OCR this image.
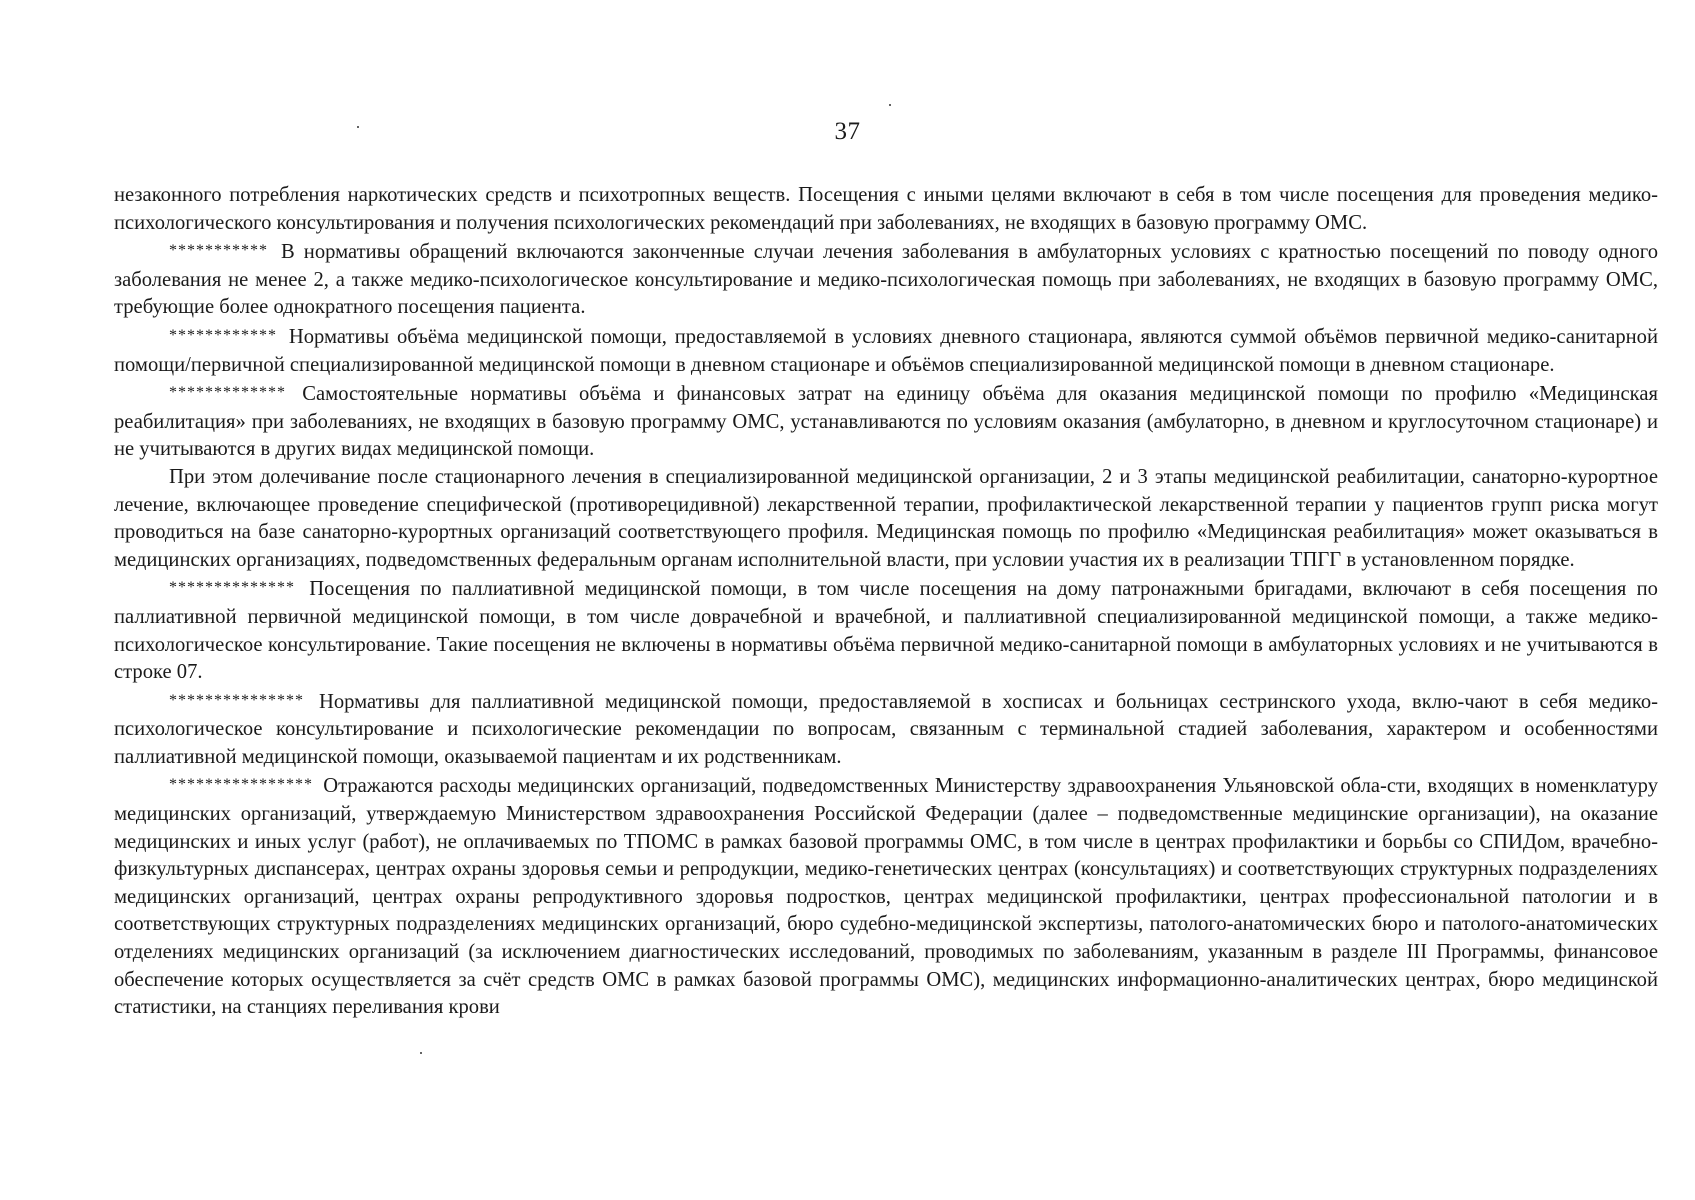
37

незаконного потребления наркотических средств и психотропных веществ. Посещения с иными целями включают в себя в том числе посещения для проведения медико-психологического консультирования и получения психологических рекомендаций при заболеваниях, не входящих в базовую программу ОМС.

*********** В нормативы обращений включаются законченные случаи лечения заболевания в амбулаторных условиях с кратностью посещений по поводу одного заболевания не менее 2, а также медико-психологическое консультирование и медико-психологическая помощь при заболеваниях, не входящих в базовую программу ОМС, требующие более однократного посещения пациента.

************ Нормативы объёма медицинской помощи, предоставляемой в условиях дневного стационара, являются суммой объёмов первичной медико-санитарной помощи/первичной специализированной медицинской помощи в дневном стационаре и объёмов специализированной медицинской помощи в дневном стационаре.

************* Самостоятельные нормативы объёма и финансовых затрат на единицу объёма для оказания медицинской помощи по профилю «Медицинская реабилитация» при заболеваниях, не входящих в базовую программу ОМС, устанавливаются по условиям оказания (амбулаторно, в дневном и круглосуточном стационаре) и не учитываются в других видах медицинской помощи.

При этом долечивание после стационарного лечения в специализированной медицинской организации, 2 и 3 этапы медицинской реабилитации, санаторно-курортное лечение, включающее проведение специфической (противорецидивной) лекарственной терапии, профилактической лекарственной терапии у пациентов групп риска могут проводиться на базе санаторно-курортных организаций соответствующего профиля. Медицинская помощь по профилю «Медицинская реабилитация» может оказываться в медицинских организациях, подведомственных федеральным органам исполнительной власти, при условии участия их в реализации ТПГГ в установленном порядке.

************** Посещения по паллиативной медицинской помощи, в том числе посещения на дому патронажными бригадами, включают в себя посещения по паллиативной первичной медицинской помощи, в том числе доврачебной и врачебной, и паллиативной специализированной медицинской помощи, а также медико-психологическое консультирование. Такие посещения не включены в нормативы объёма первичной медико-санитарной помощи в амбулаторных условиях и не учитываются в строке 07.

*************** Нормативы для паллиативной медицинской помощи, предоставляемой в хосписах и больницах сестринского ухода, вклю-чают в себя медико-психологическое консультирование и психологические рекомендации по вопросам, связанным с терминальной стадией заболевания, характером и особенностями паллиативной медицинской помощи, оказываемой пациентам и их родственникам.

**************** Отражаются расходы медицинских организаций, подведомственных Министерству здравоохранения Ульяновской обла-сти, входящих в номенклатуру медицинских организаций, утверждаемую Министерством здравоохранения Российской Федерации (далее – подведомственные медицинские организации), на оказание медицинских и иных услуг (работ), не оплачиваемых по ТПОМС в рамках базовой программы ОМС, в том числе в центрах профилактики и борьбы со СПИДом, врачебно-физкультурных диспансерах, центрах охраны здоровья семьи и репродукции, медико-генетических центрах (консультациях) и соответствующих структурных подразделениях медицинских организаций, центрах охраны репродуктивного здоровья подростков, центрах медицинской профилактики, центрах профессиональной патологии и в соответствующих структурных подразделениях медицинских организаций, бюро судебно-медицинской экспертизы, патолого-анатомических бюро и патолого-анатомических отделениях медицинских организаций (за исключением диагностических исследований, проводимых по заболеваниям, указанным в разделе III Программы, финансовое обеспечение которых осуществляется за счёт средств ОМС в рамках базовой программы ОМС), медицинских информационно-аналитических центрах, бюро медицинской статистики, на станциях переливания крови
